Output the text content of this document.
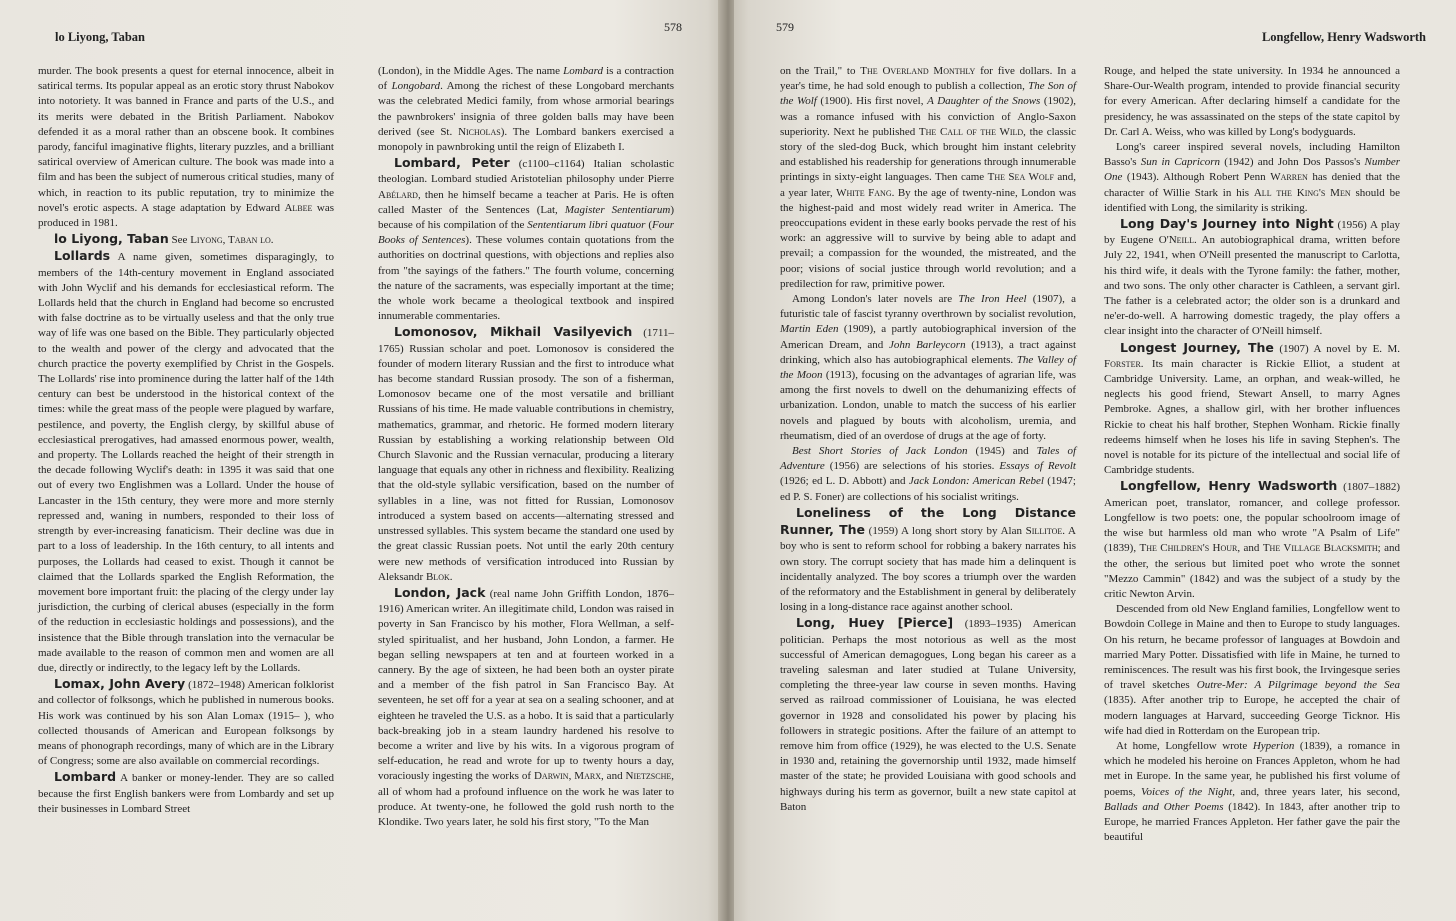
lo Liyong, Taban
578

murder. The book presents a quest for eternal innocence, albeit in satirical terms. Its popular appeal as an erotic story thrust Nabokov into notoriety. It was banned in France and parts of the U.S., and its merits were debated in the British Parliament. Nabokov defended it as a moral rather than an obscene book. It combines parody, fanciful imaginative flights, literary puzzles, and a brilliant satirical overview of American culture. The book was made into a film and has been the subject of numerous critical studies, many of which, in reaction to its public reputation, try to minimize the novel's erotic aspects. A stage adaptation by Edward Albee was produced in 1981.

lo Liyong, Taban See Liyong, Taban lo.

Lollards A name given, sometimes disparagingly, to members of the 14th-century movement in England associated with John Wyclif and his demands for ecclesiastical reform. The Lollards held that the church in England had become so encrusted with false doctrine as to be virtually useless and that the only true way of life was one based on the Bible. They particularly objected to the wealth and power of the clergy and advocated that the church practice the poverty exemplified by Christ in the Gospels. The Lollards' rise into prominence during the latter half of the 14th century can best be understood in the historical context of the times: while the great mass of the people were plagued by warfare, pestilence, and poverty, the English clergy, by skillful abuse of ecclesiastical prerogatives, had amassed enormous power, wealth, and property. The Lollards reached the height of their strength in the decade following Wyclif's death: in 1395 it was said that one out of every two Englishmen was a Lollard. Under the house of Lancaster in the 15th century, they were more and more sternly repressed and, waning in numbers, responded to their loss of strength by ever-increasing fanaticism. Their decline was due in part to a loss of leadership. In the 16th century, to all intents and purposes, the Lollards had ceased to exist. Though it cannot be claimed that the Lollards sparked the English Reformation, the movement bore important fruit: the placing of the clergy under lay jurisdiction, the curbing of clerical abuses (especially in the form of the reduction in ecclesiastic holdings and possessions), and the insistence that the Bible through translation into the vernacular be made available to the reason of common men and women are all due, directly or indirectly, to the legacy left by the Lollards.

Lomax, John Avery (1872–1948) American folklorist and collector of folksongs, which he published in numerous books. His work was continued by his son Alan Lomax (1915– ), who collected thousands of American and European folksongs by means of phonograph recordings, many of which are in the Library of Congress; some are also available on commercial recordings.

Lombard A banker or money-lender. They are so called because the first English bankers were from Lombardy and set up their businesses in Lombard Street

(London), in the Middle Ages. The name Lombard is a contraction of Longobard. Among the richest of these Longobard merchants was the celebrated Medici family, from whose armorial bearings the pawnbrokers' insignia of three golden balls may have been derived (see St. Nicholas). The Lombard bankers exercised a monopoly in pawnbroking until the reign of Elizabeth I.

Lombard, Peter (c1100–c1164) Italian scholastic theologian. Lombard studied Aristotelian philosophy under Pierre Abélard, then he himself became a teacher at Paris. He is often called Master of the Sentences (Lat, Magister Sententiarum) because of his compilation of the Sententiarum libri quatuor (Four Books of Sentences). These volumes contain quotations from the authorities on doctrinal questions, with objections and replies also from "the sayings of the fathers." The fourth volume, concerning the nature of the sacraments, was especially important at the time; the whole work became a theological textbook and inspired innumerable commentaries.

Lomonosov, Mikhail Vasilyevich (1711–1765) Russian scholar and poet. Lomonosov is considered the founder of modern literary Russian and the first to introduce what has become standard Russian prosody. The son of a fisherman, Lomonosov became one of the most versatile and brilliant Russians of his time. He made valuable contributions in chemistry, mathematics, grammar, and rhetoric. He formed modern literary Russian by establishing a working relationship between Old Church Slavonic and the Russian vernacular, producing a literary language that equals any other in richness and flexibility. Realizing that the old-style syllabic versification, based on the number of syllables in a line, was not fitted for Russian, Lomonosov introduced a system based on accents—alternating stressed and unstressed syllables. This system became the standard one used by the great classic Russian poets. Not until the early 20th century were new methods of versification introduced into Russian by Aleksandr Blok.

London, Jack (real name John Griffith London, 1876–1916) American writer. An illegitimate child, London was raised in poverty in San Francisco by his mother, Flora Wellman, a self-styled spiritualist, and her husband, John London, a farmer. He began selling newspapers at ten and at fourteen worked in a cannery. By the age of sixteen, he had been both an oyster pirate and a member of the fish patrol in San Francisco Bay. At seventeen, he set off for a year at sea on a sealing schooner, and at eighteen he traveled the U.S. as a hobo. It is said that a particularly back-breaking job in a steam laundry hardened his resolve to become a writer and live by his wits. In a vigorous program of self-education, he read and wrote for up to twenty hours a day, voraciously ingesting the works of Darwin, Marx, and Nietzsche, all of whom had a profound influence on the work he was later to produce. At twenty-one, he followed the gold rush north to the Klondike. Two years later, he sold his first story, "To the Man

579
Longfellow, Henry Wadsworth

on the Trail," to The Overland Monthly for five dollars. In a year's time, he had sold enough to publish a collection, The Son of the Wolf (1900). His first novel, A Daughter of the Snows (1902), was a romance infused with his conviction of Anglo-Saxon superiority. Next he published The Call of the Wild, the classic story of the sled-dog Buck, which brought him instant celebrity and established his readership for generations through innumerable printings in sixty-eight languages. Then came The Sea Wolf and, a year later, White Fang. By the age of twenty-nine, London was the highest-paid and most widely read writer in America. The preoccupations evident in these early books pervade the rest of his work: an aggressive will to survive by being able to adapt and prevail; a compassion for the wounded, the mistreated, and the poor; visions of social justice through world revolution; and a predilection for raw, primitive power.

Among London's later novels are The Iron Heel (1907), a futuristic tale of fascist tyranny overthrown by socialist revolution, Martin Eden (1909), a partly autobiographical inversion of the American Dream, and John Barleycorn (1913), a tract against drinking, which also has autobiographical elements. The Valley of the Moon (1913), focusing on the advantages of agrarian life, was among the first novels to dwell on the dehumanizing effects of urbanization. London, unable to match the success of his earlier novels and plagued by bouts with alcoholism, uremia, and rheumatism, died of an overdose of drugs at the age of forty.

Best Short Stories of Jack London (1945) and Tales of Adventure (1956) are selections of his stories. Essays of Revolt (1926; ed L. D. Abbott) and Jack London: American Rebel (1947; ed P. S. Foner) are collections of his socialist writings.

Loneliness of the Long Distance Runner, The (1959) A long short story by Alan Sillitoe. A boy who is sent to reform school for robbing a bakery narrates his own story. The corrupt society that has made him a delinquent is incidentally analyzed. The boy scores a triumph over the warden of the reformatory and the Establishment in general by deliberately losing in a long-distance race against another school.

Long, Huey [Pierce] (1893–1935) American politician. Perhaps the most notorious as well as the most successful of American demagogues, Long began his career as a traveling salesman and later studied at Tulane University, completing the three-year law course in seven months. Having served as railroad commissioner of Louisiana, he was elected governor in 1928 and consolidated his power by placing his followers in strategic positions. After the failure of an attempt to remove him from office (1929), he was elected to the U.S. Senate in 1930 and, retaining the governorship until 1932, made himself master of the state; he provided Louisiana with good schools and highways during his term as governor, built a new state capitol at Baton

Rouge, and helped the state university. In 1934 he announced a Share-Our-Wealth program, intended to provide financial security for every American. After declaring himself a candidate for the presidency, he was assassinated on the steps of the state capitol by Dr. Carl A. Weiss, who was killed by Long's bodyguards.

Long's career inspired several novels, including Hamilton Basso's Sun in Capricorn (1942) and John Dos Passos's Number One (1943). Although Robert Penn Warren has denied that the character of Willie Stark in his All the King's Men should be identified with Long, the similarity is striking.

Long Day's Journey into Night (1956) A play by Eugene O'Neill. An autobiographical drama, written before July 22, 1941, when O'Neill presented the manuscript to Carlotta, his third wife, it deals with the Tyrone family: the father, mother, and two sons. The only other character is Cathleen, a servant girl. The father is a celebrated actor; the older son is a drunkard and ne'er-do-well. A harrowing domestic tragedy, the play offers a clear insight into the character of O'Neill himself.

Longest Journey, The (1907) A novel by E. M. Forster. Its main character is Rickie Elliot, a student at Cambridge University. Lame, an orphan, and weak-willed, he neglects his good friend, Stewart Ansell, to marry Agnes Pembroke. Agnes, a shallow girl, with her brother influences Rickie to cheat his half brother, Stephen Wonham. Rickie finally redeems himself when he loses his life in saving Stephen's. The novel is notable for its picture of the intellectual and social life of Cambridge students.

Longfellow, Henry Wadsworth (1807–1882) American poet, translator, romancer, and college professor. Longfellow is two poets: one, the popular schoolroom image of the wise but harmless old man who wrote "A Psalm of Life" (1839), The Children's Hour, and The Village Blacksmith; and the other, the serious but limited poet who wrote the sonnet "Mezzo Cammin" (1842) and was the subject of a study by the critic Newton Arvin.

Descended from old New England families, Longfellow went to Bowdoin College in Maine and then to Europe to study languages. On his return, he became professor of languages at Bowdoin and married Mary Potter. Dissatisfied with life in Maine, he turned to reminiscences. The result was his first book, the Irvingesque series of travel sketches Outre-Mer: A Pilgrimage beyond the Sea (1835). After another trip to Europe, he accepted the chair of modern languages at Harvard, succeeding George Ticknor. His wife had died in Rotterdam on the European trip.

At home, Longfellow wrote Hyperion (1839), a romance in which he modeled his heroine on Frances Appleton, whom he had met in Europe. In the same year, he published his first volume of poems, Voices of the Night, and, three years later, his second, Ballads and Other Poems (1842). In 1843, after another trip to Europe, he married Frances Appleton. Her father gave the pair the beautiful
